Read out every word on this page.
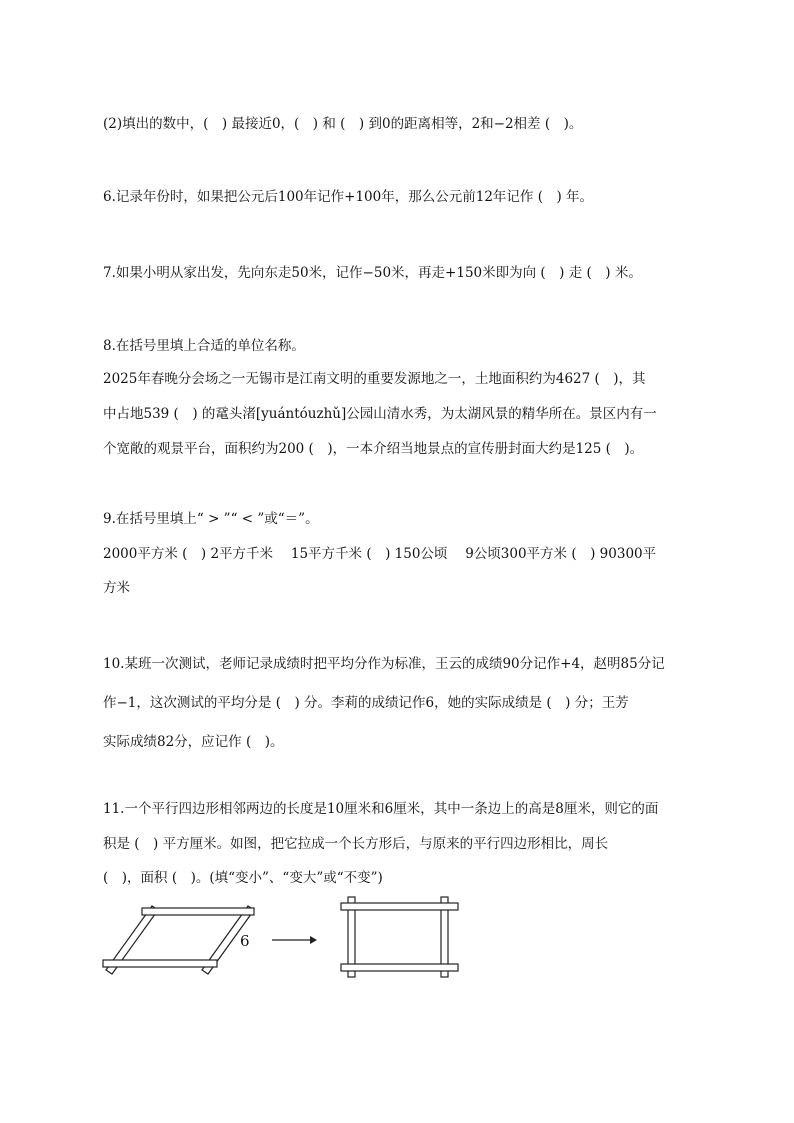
(2)填出的数中，(　) 最接近0，(　) 和 (　) 到0的距离相等，2和−2相差 (　)。
6.记录年份时，如果把公元后100年记作+100年，那么公元前12年记作 (　) 年。
7.如果小明从家出发，先向东走50米，记作−50米，再走+150米即为向 (　) 走 (　) 米。
8.在括号里填上合适的单位名称。
2025年春晚分会场之一无锡市是江南文明的重要发源地之一，土地面积约为4627 (　)，其
中占地539 (　) 的鼋头渚[yuántóuzhǔ]公园山清水秀，为太湖风景的精华所在。景区内有一
个宽敞的观景平台，面积约为200 (　)，一本介绍当地景点的宣传册封面大约是125 (　)。
9.在括号里填上“ > ”“ < ”或“＝”。
2000平方米 (　) 2平方千米　 15平方千米 (　) 150公顷　 9公顷300平方米 (　) 90300平
方米
10.某班一次测试，老师记录成绩时把平均分作为标准，王云的成绩90分记作+4，赵明85分记
作−1，这次测试的平均分是 (　) 分。李莉的成绩记作6，她的实际成绩是 (　) 分；王芳
实际成绩82分，应记作 (　)。
11.一个平行四边形相邻两边的长度是10厘米和6厘米，其中一条边上的高是8厘米，则它的面
积是 (　) 平方厘米。如图，把它拉成一个长方形后，与原来的平行四边形相比，周长
(　)，面积 (　)。(填“变小”、“变大”或“不变”)
6
